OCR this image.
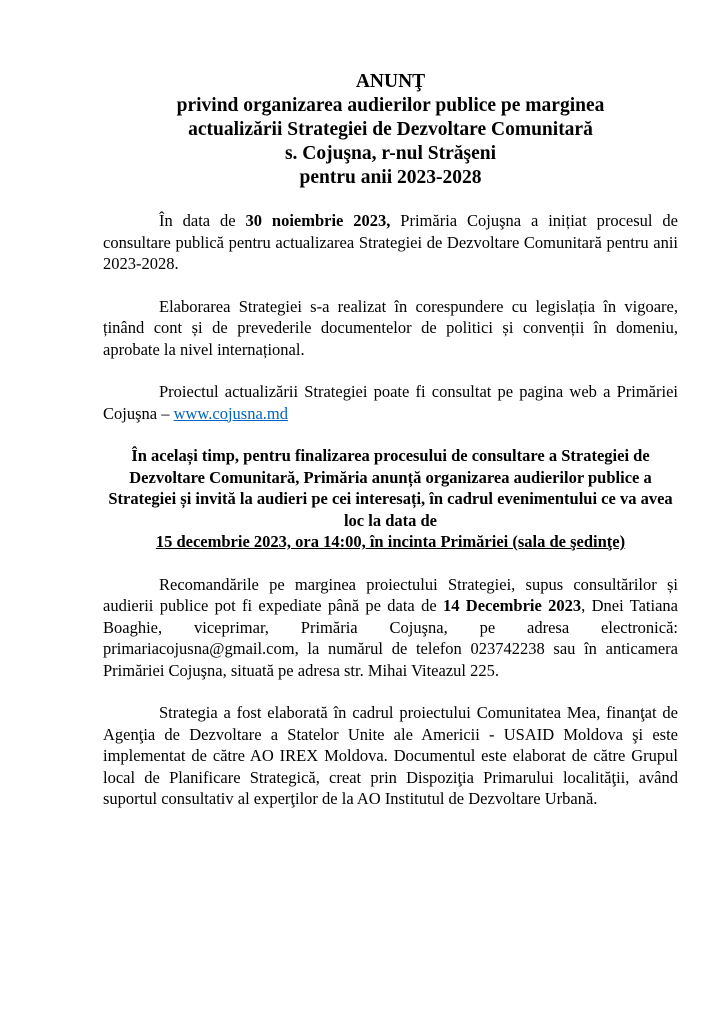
ANUNŢ
privind organizarea audierilor publice pe marginea
actualizării Strategiei de Dezvoltare Comunitară
s. Cojuşna, r-nul Străşeni
pentru anii 2023-2028

În data de 30 noiembrie 2023, Primăria Cojuşna a inițiat procesul de consultare publică pentru actualizarea Strategiei de Dezvoltare Comunitară pentru anii 2023-2028.

Elaborarea Strategiei s-a realizat în corespundere cu legislația în vigoare, ținând cont și de prevederile documentelor de politici și convenții în domeniu, aprobate la nivel internațional.

Proiectul actualizării Strategiei poate fi consultat pe pagina web a Primăriei Cojuşna – www.cojusna.md

În același timp, pentru finalizarea procesului de consultare a Strategiei de Dezvoltare Comunitară, Primăria anunță organizarea audierilor publice a Strategiei și invită la audieri pe cei interesați, în cadrul evenimentului ce va avea loc la data de
15 decembrie 2023, ora 14:00, în incinta Primăriei (sala de şedinţe)

Recomandările pe marginea proiectului Strategiei, supus consultărilor și audierii publice pot fi expediate până pe data de 14 Decembrie 2023, Dnei Tatiana Boaghie, viceprimar, Primăria Cojuşna, pe adresa electronică: primariacojusna@gmail.com, la numărul de telefon 023742238 sau în anticamera Primăriei Cojuşna, situată pe adresa str. Mihai Viteazul 225.

Strategia a fost elaborată în cadrul proiectului Comunitatea Mea, finanţat de Agenţia de Dezvoltare a Statelor Unite ale Americii - USAID Moldova şi este implementat de către AO IREX Moldova. Documentul este elaborat de către Grupul local de Planificare Strategică, creat prin Dispoziţia Primarului localităţii, având suportul consultativ al experţilor de la AO Institutul de Dezvoltare Urbană.
